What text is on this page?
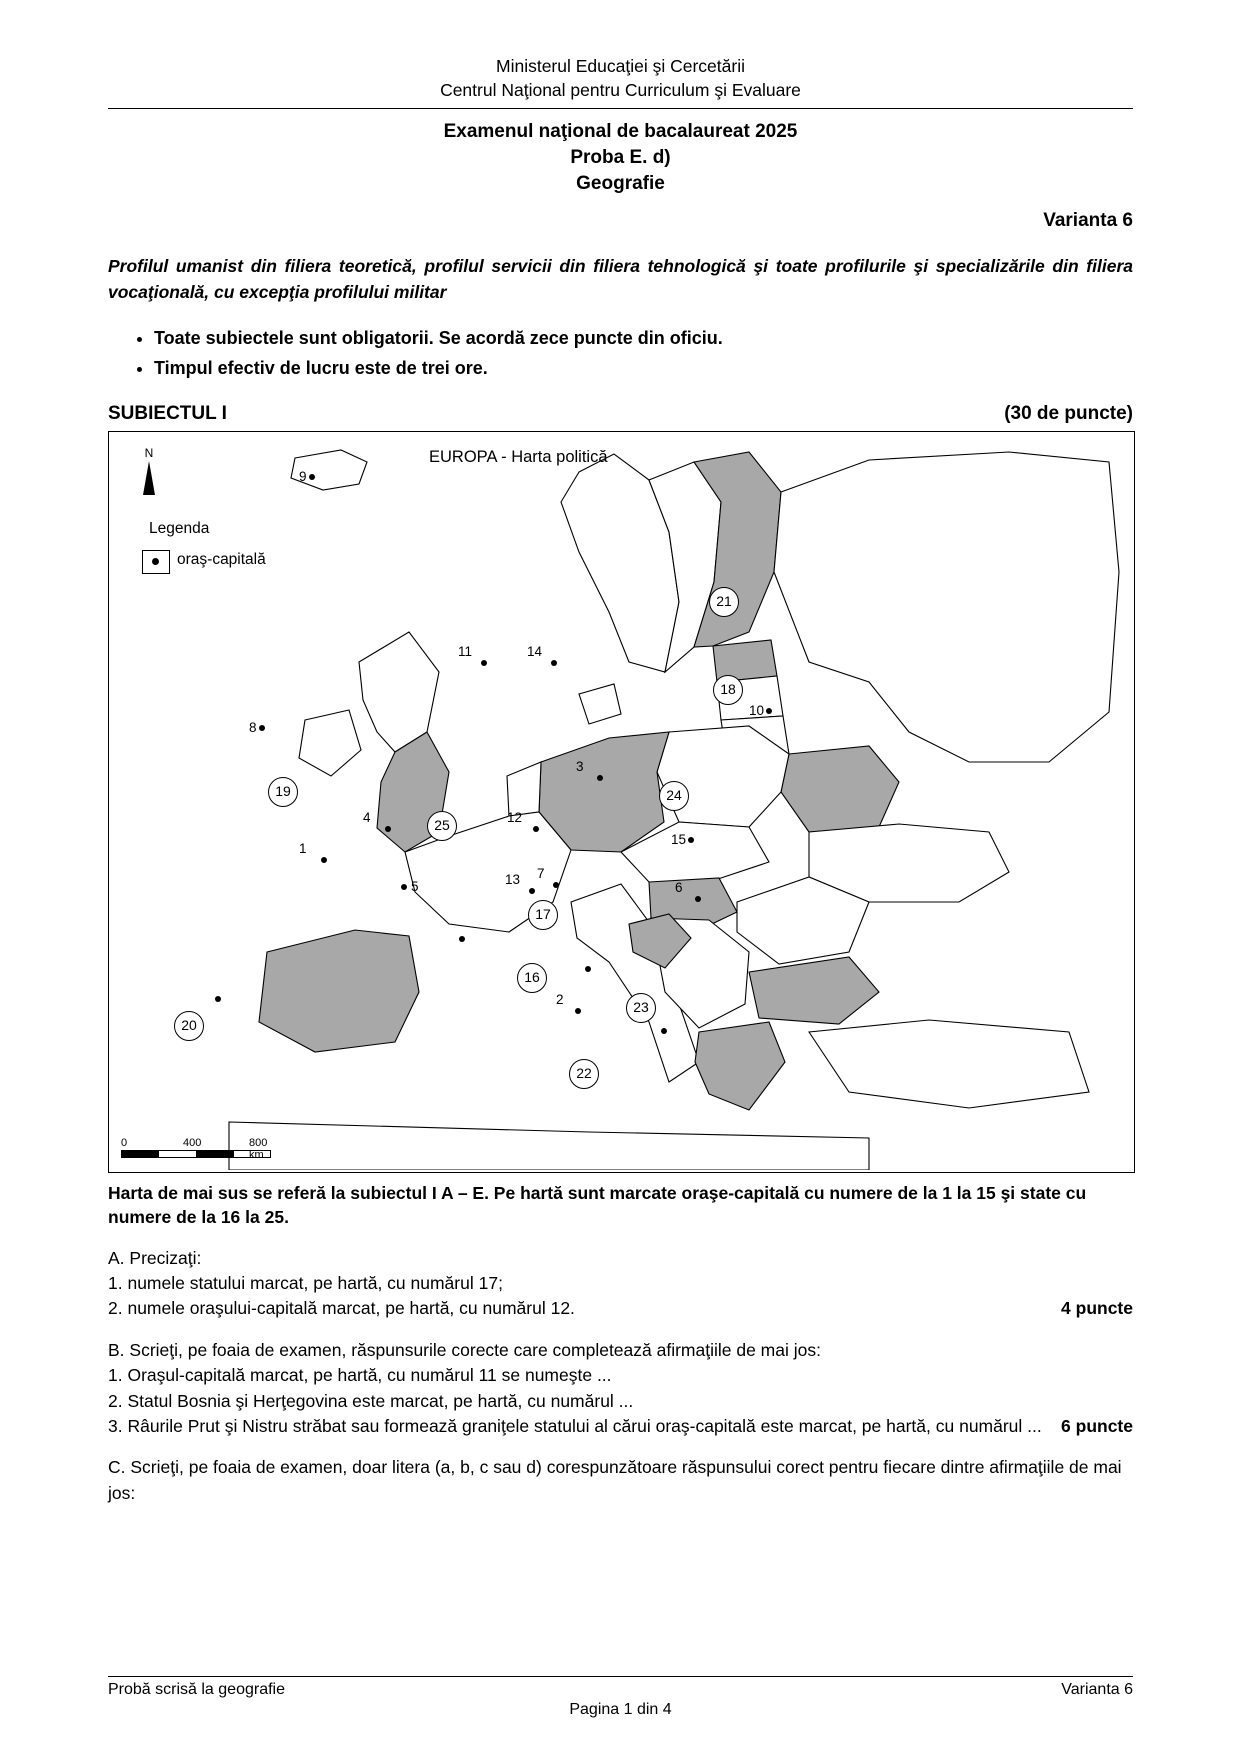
Ministerul Educaţiei şi Cercetării
Centrul Naţional pentru Curriculum şi Evaluare
Examenul naţional de bacalaureat 2025
Proba E. d)
Geografie
Varianta 6
Profilul umanist din filiera teoretică, profilul servicii din filiera tehnologică şi toate profilurile şi specializările din filiera vocaţională, cu excepţia profilului militar
• Toate subiectele sunt obligatorii. Se acordă zece puncte din oficiu.
• Timpul efectiv de lucru este de trei ore.
SUBIECTUL I	(30 de puncte)
EUROPA - Harta politică
N
Legenda
oraş-capitală
9
11	14
10
3
4	12
15
1
5	13 7
6
2
8
21
18
24
19
25
17
16
23
22
20
0	400	800 km
Harta de mai sus se referă la subiectul I A – E. Pe hartă sunt marcate oraşe-capitală cu numere de la 1 la 15 şi state cu numere de la 16 la 25.
A. Precizaţi:
1. numele statului marcat, pe hartă, cu numărul 17;
4 puncte
2. numele oraşului-capitală marcat, pe hartă, cu numărul 12.
B. Scrieţi, pe foaia de examen, răspunsurile corecte care completează afirmaţiile de mai jos:
1. Oraşul-capitală marcat, pe hartă, cu numărul 11 se numeşte ...
2. Statul Bosnia şi Herţegovina este marcat, pe hartă, cu numărul ...
6 puncte
3. Râurile Prut şi Nistru străbat sau formează graniţele statului al cărui oraş-capitală este marcat, pe hartă, cu numărul ...
C. Scrieţi, pe foaia de examen, doar litera (a, b, c sau d) corespunzătoare răspunsului corect pentru fiecare dintre afirmaţiile de mai jos:
Probă scrisă la geografie	Varianta 6
Pagina 1 din 4
